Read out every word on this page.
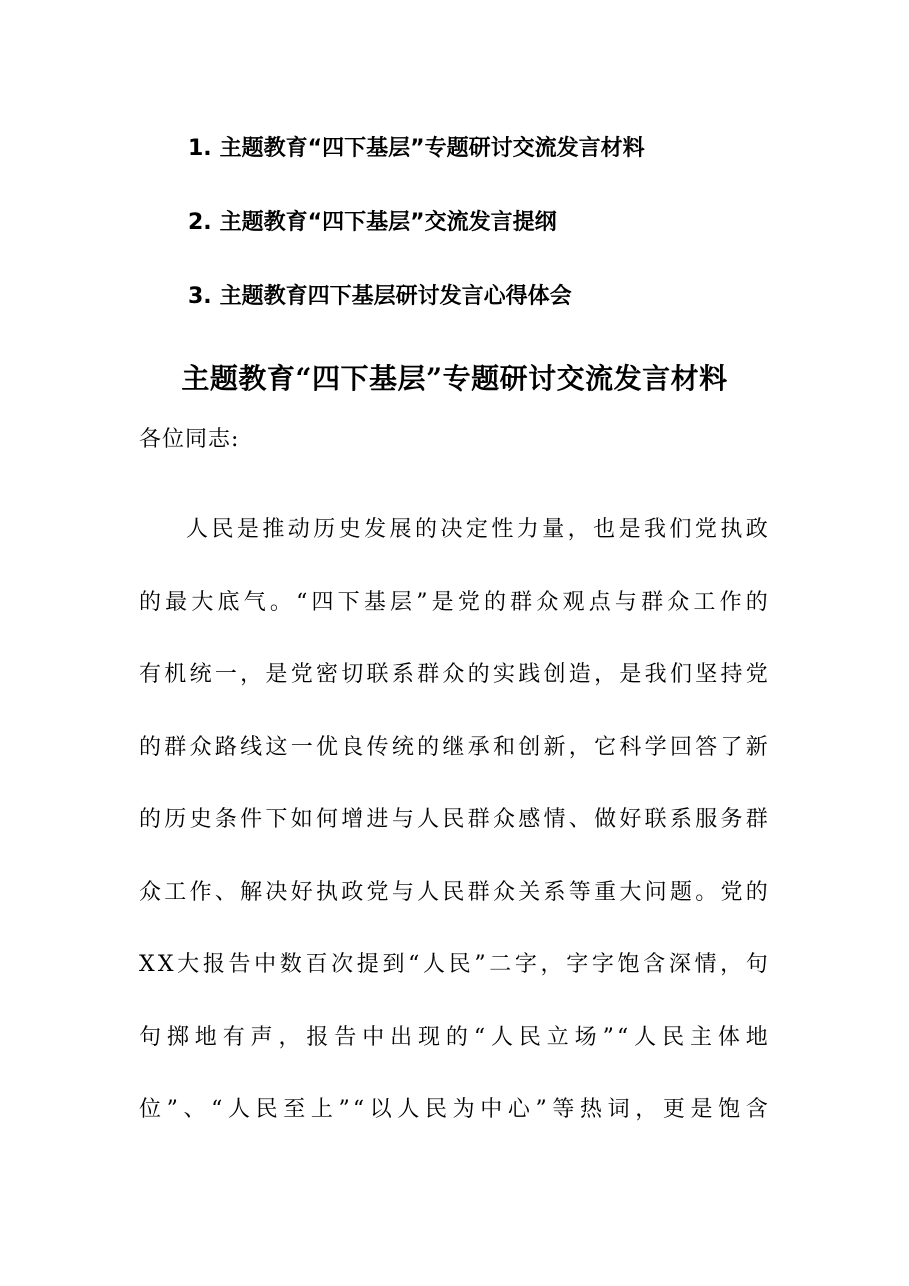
1. 主题教育“四下基层”专题研讨交流发言材料
2. 主题教育“四下基层”交流发言提纲
3. 主题教育四下基层研讨发言心得体会
主题教育“四下基层”专题研讨交流发言材料
各位同志:
人民是推动历史发展的决定性力量，也是我们党执政
的最大底气。“四下基层”是党的群众观点与群众工作的
有机统一，是党密切联系群众的实践创造，是我们坚持党
的群众路线这一优良传统的继承和创新，它科学回答了新
的历史条件下如何增进与人民群众感情、做好联系服务群
众工作、解决好执政党与人民群众关系等重大问题。党的
XX大报告中数百次提到“人民”二字，字字饱含深情，句
句掷地有声，报告中出现的“人民立场”“人民主体地
位”、“人民至上”“以人民为中心”等热词，更是饱含
